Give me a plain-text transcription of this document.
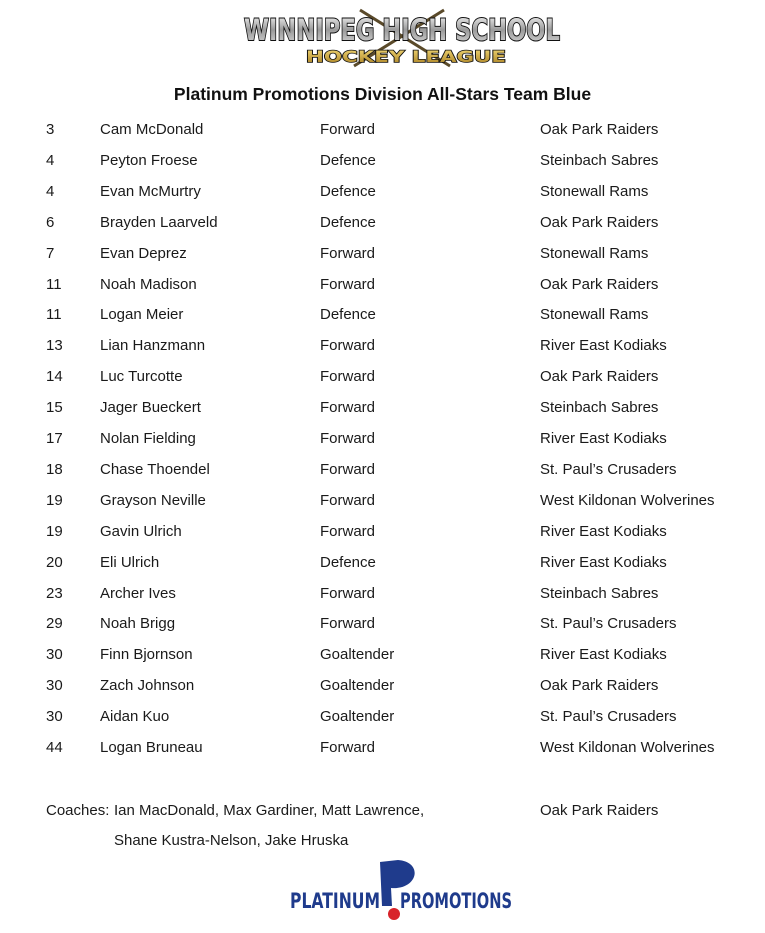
WINNIPEG HIGH SCHOOL
HOCKEY LEAGUE
Platinum Promotions Division All-Stars Team Blue
3	Cam McDonald	Forward	Oak Park Raiders
4	Peyton Froese	Defence	Steinbach Sabres
4	Evan McMurtry	Defence	Stonewall Rams
6	Brayden Laarveld	Defence	Oak Park Raiders
7	Evan Deprez	Forward	Stonewall Rams
11	Noah Madison	Forward	Oak Park Raiders
11	Logan Meier	Defence	Stonewall Rams
13 Lian Hanzmann	Forward	River East Kodiaks
14 Luc Turcotte	Forward	Oak Park Raiders
15 Jager Bueckert	Forward	Steinbach Sabres
17 Nolan Fielding	Forward	River East Kodiaks
18 Chase Thoendel	Forward	St. Paul’s Crusaders
19 Grayson Neville	Forward	West Kildonan Wolverines
19 Gavin Ulrich	Forward	River East Kodiaks
20 Eli Ulrich	Defence	River East Kodiaks
23 Archer Ives	Forward	Steinbach Sabres
29 Noah Brigg	Forward	St. Paul’s Crusaders
30 Finn Bjornson	Goaltender	River East Kodiaks
30 Zach Johnson	Goaltender	Oak Park Raiders
30 Aidan Kuo	Goaltender	St. Paul’s Crusaders
44 Logan Bruneau	Forward	West Kildonan Wolverines
Coaches: Ian MacDonald, Max Gardiner, Matt Lawrence,
Shane Kustra-Nelson, Jake Hruska
Oak Park Raiders
PLATINUM PROMOTIONS
